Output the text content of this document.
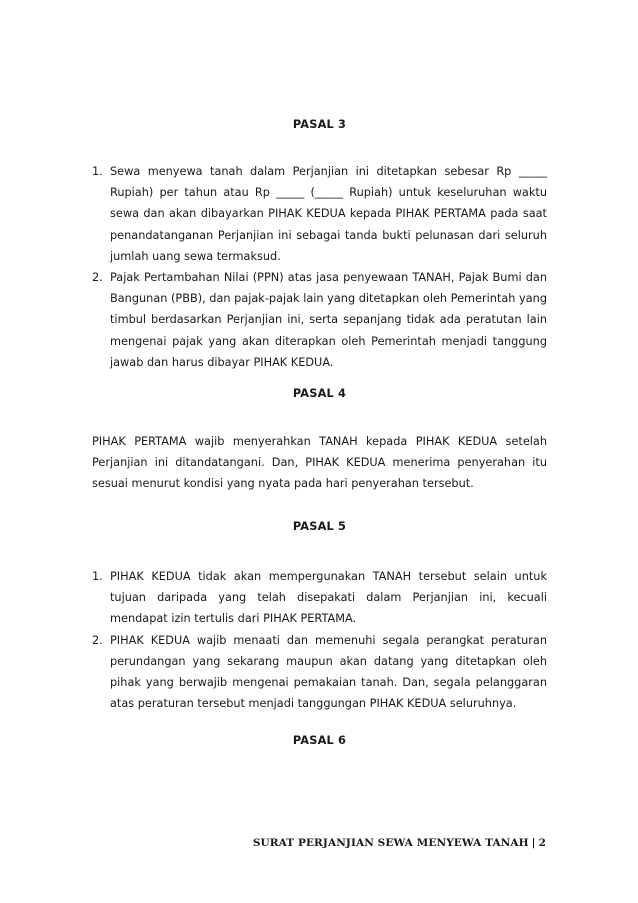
PASAL 3
1. Sewa menyewa tanah dalam Perjanjian ini ditetapkan sebesar Rp _____ Rupiah) per tahun atau Rp _____ (_____ Rupiah) untuk keseluruhan waktu sewa dan akan dibayarkan PIHAK KEDUA kepada PIHAK PERTAMA pada saat penandatanganan Perjanjian ini sebagai tanda bukti pelunasan dari seluruh jumlah uang sewa termaksud.
2. Pajak Pertambahan Nilai (PPN) atas jasa penyewaan TANAH, Pajak Bumi dan Bangunan (PBB), dan pajak-pajak lain yang ditetapkan oleh Pemerintah yang timbul berdasarkan Perjanjian ini, serta sepanjang tidak ada peratutan lain mengenai pajak yang akan diterapkan oleh Pemerintah menjadi tanggung jawab dan harus dibayar PIHAK KEDUA.
PASAL 4

PIHAK PERTAMA wajib menyerahkan TANAH kepada PIHAK KEDUA setelah Perjanjian ini ditandatangani. Dan, PIHAK KEDUA menerima penyerahan itu sesuai menurut kondisi yang nyata pada hari penyerahan tersebut.

PASAL 5
1. PIHAK KEDUA tidak akan mempergunakan TANAH tersebut selain untuk tujuan daripada yang telah disepakati dalam Perjanjian ini, kecuali mendapat izin tertulis dari PIHAK PERTAMA.
2. PIHAK KEDUA wajib menaati dan memenuhi segala perangkat peraturan perundangan yang sekarang maupun akan datang yang ditetapkan oleh pihak yang berwajib mengenai pemakaian tanah. Dan, segala pelanggaran atas peraturan tersebut menjadi tanggungan PIHAK KEDUA seluruhnya.
PASAL 6
SURAT PERJANJIAN SEWA MENYEWA TANAH | 2
